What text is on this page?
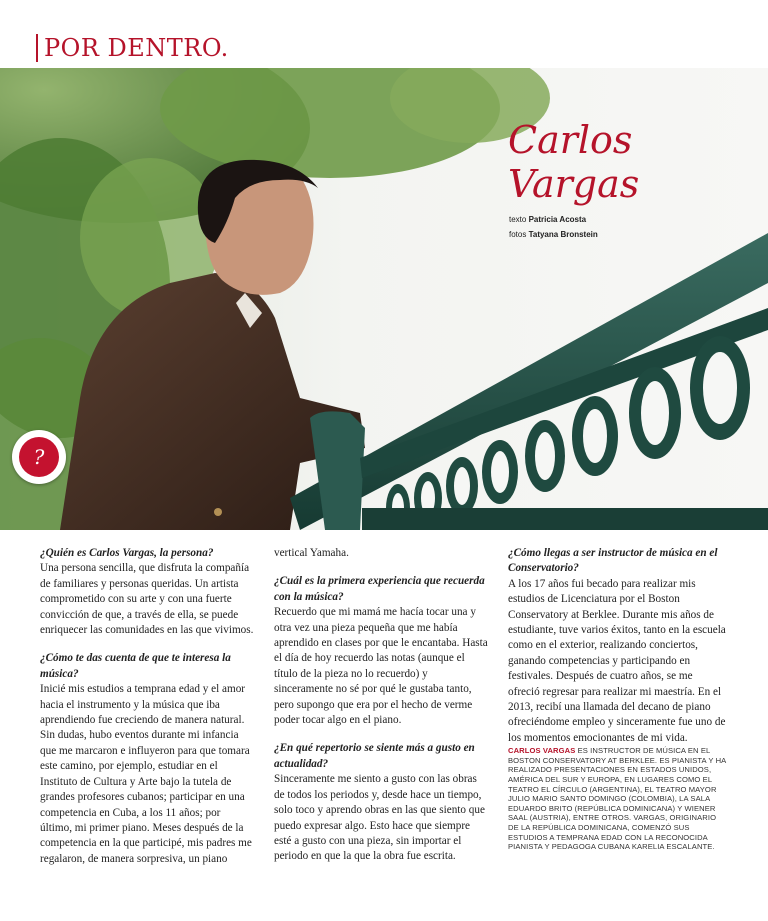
POR DENTRO.
Carlos
Vargas
texto Patricia Acosta
fotos Tatyana Bronstein
?

¿Quién es Carlos Vargas, la persona?

Una persona sencilla, que disfruta la compañía de familiares y personas queridas. Un artista comprometido con su arte y con una fuerte convicción de que, a través de ella, se puede enriquecer las comunidades en las que vivimos.

¿Cómo te das cuenta de que te interesa la música?

Inicié mis estudios a temprana edad y el amor hacia el instrumento y la música que iba aprendiendo fue creciendo de manera natural. Sin dudas, hubo eventos durante mi infancia que me marcaron e influyeron para que tomara este camino, por ejemplo, estudiar en el Instituto de Cultura y Arte bajo la tutela de grandes profesores cubanos; participar en una competencia en Cuba, a los 11 años; por último, mi primer piano. Meses después de la competencia en la que participé, mis padres me regalaron, de manera sorpresiva, un piano

vertical Yamaha.

¿Cuál es la primera experiencia que recuerda con la música?

Recuerdo que mi mamá me hacía tocar una y otra vez una pieza pequeña que me había aprendido en clases por que le encantaba. Hasta el día de hoy recuerdo las notas (aunque el título de la pieza no lo recuerdo) y sinceramente no sé por qué le gustaba tanto, pero supongo que era por el hecho de verme poder tocar algo en el piano.

¿En qué repertorio se siente más a gusto en actualidad?

Sinceramente me siento a gusto con las obras de todos los periodos y, desde hace un tiempo, solo toco y aprendo obras en las que siento que puedo expresar algo. Esto hace que siempre esté a gusto con una pieza, sin importar el periodo en que la que la obra fue escrita.

¿Cómo llegas a ser instructor de música en el Conservatorio?

A los 17 años fui becado para realizar mis estudios de Licenciatura por el Boston Conservatory at Berklee. Durante mis años de estudiante, tuve varios éxitos, tanto en la escuela como en el exterior, realizando conciertos, ganando competencias y participando en festivales. Después de cuatro años, se me ofreció regresar para realizar mi maestría. En el 2013, recibí una llamada del decano de piano ofreciéndome empleo y sinceramente fue uno de los momentos emocionantes de mi vida.

CARLOS VARGAS ES INSTRUCTOR DE MÚSICA EN EL BOSTON CONSERVATORY AT BERKLEE. ES PIANISTA Y HA REALIZADO PRESENTACIONES EN ESTADOS UNIDOS, AMÉRICA DEL SUR Y EUROPA, EN LUGARES COMO EL TEATRO EL CÍRCULO (ARGENTINA), EL TEATRO MAYOR JULIO MARIO SANTO DOMINGO (COLOMBIA), LA SALA EDUARDO BRITO (REPÚBLICA DOMINICANA) Y WIENER SAAL (AUSTRIA), ENTRE OTROS. VARGAS, ORIGINARIO DE LA REPÚBLICA DOMINICANA, COMENZÓ SUS ESTUDIOS A TEMPRANA EDAD CON LA RECONOCIDA PIANISTA Y PEDAGOGA CUBANA KARELIA ESCALANTE.
